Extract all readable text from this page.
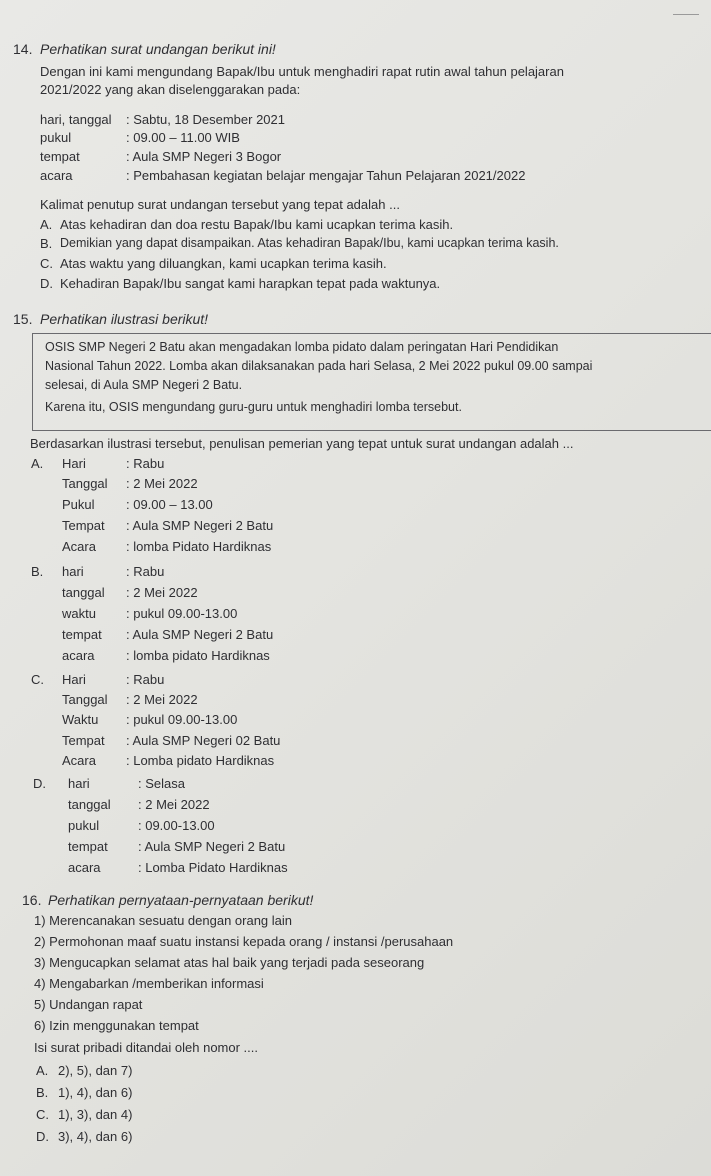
14. Perhatikan surat undangan berikut ini!
Dengan ini kami mengundang Bapak/Ibu untuk menghadiri rapat rutin awal tahun pelajaran
2021/2022 yang akan diselenggarakan pada:
hari, tanggal : Sabtu, 18 Desember 2021
pukul	: 09.00 – 11.00 WIB
tempat	: Aula SMP Negeri 3 Bogor
acara	: Pembahasan kegiatan belajar mengajar Tahun Pelajaran 2021/2022
Kalimat penutup surat undangan tersebut yang tepat adalah ...
A. Atas kehadiran dan doa restu Bapak/Ibu kami ucapkan terima kasih.
B. Demikian yang dapat disampaikan. Atas kehadiran Bapak/Ibu, kami ucapkan terima kasih.
C. Atas waktu yang diluangkan, kami ucapkan terima kasih.
D. Kehadiran Bapak/Ibu sangat kami harapkan tepat pada waktunya.
15. Perhatikan ilustrasi berikut!
OSIS SMP Negeri 2 Batu akan mengadakan lomba pidato dalam peringatan Hari Pendidikan
Nasional Tahun 2022. Lomba akan dilaksanakan pada hari Selasa, 2 Mei 2022 pukul 09.00 sampai
selesai, di Aula SMP Negeri 2 Batu.
Karena itu, OSIS mengundang guru-guru untuk menghadiri lomba tersebut.
Berdasarkan ilustrasi tersebut, penulisan pemerian yang tepat untuk surat undangan adalah ...
A. Hari	: Rabu
Tanggal : 2 Mei 2022
Pukul : 09.00 – 13.00
Tempat : Aula SMP Negeri 2 Batu
Acara : lomba Pidato Hardiknas
B. hari	: Rabu
tanggal : 2 Mei 2022
waktu : pukul 09.00-13.00
tempat : Aula SMP Negeri 2 Batu
acara : lomba pidato Hardiknas
C. Hari	: Rabu
Tanggal : 2 Mei 2022
Waktu : pukul 09.00-13.00
Tempat : Aula SMP Negeri 02 Batu
Acara : Lomba pidato Hardiknas
D. hari	: Selasa
tanggal : 2 Mei 2022
pukul	: 09.00-13.00
tempat : Aula SMP Negeri 2 Batu
acara	: Lomba Pidato Hardiknas
16. Perhatikan pernyataan-pernyataan berikut!
1) Merencanakan sesuatu dengan orang lain
2) Permohonan maaf suatu instansi kepada orang / instansi /perusahaan
3) Mengucapkan selamat atas hal baik yang terjadi pada seseorang
4) Mengabarkan /memberikan informasi
5) Undangan rapat
6) Izin menggunakan tempat
Isi surat pribadi ditandai oleh nomor ....
A. 2), 5), dan 7)
B. 1), 4), dan 6)
C. 1), 3), dan 4)
D. 3), 4), dan 6)
